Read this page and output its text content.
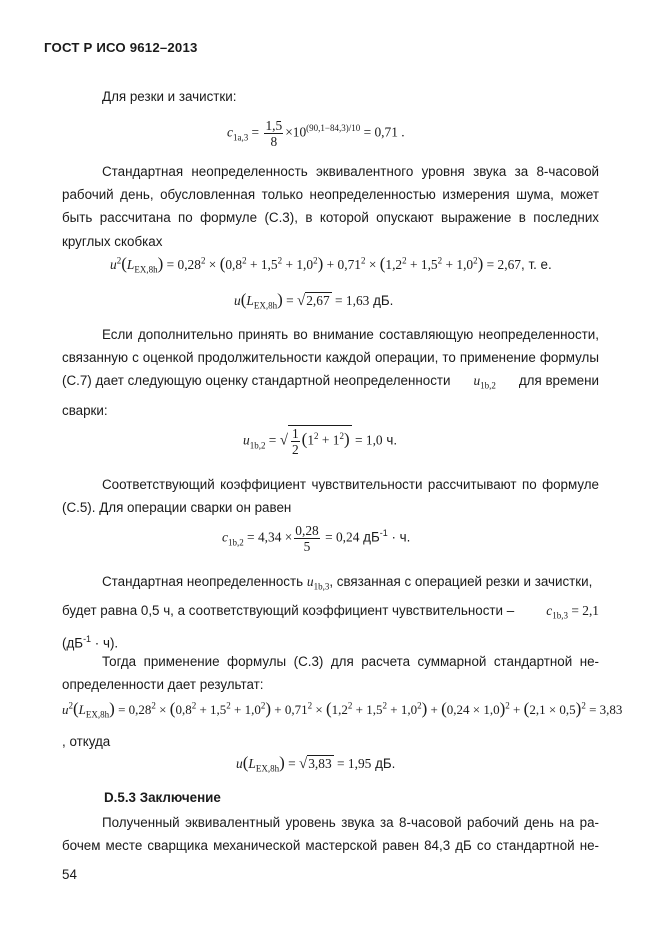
ГОСТ Р ИСО 9612–2013

Для резки и зачистки:

$c_{1a,3} = \frac{1,5}{8} \times 10^{(90,1-84,3)/10} = 0,71$ .

Стандартная неопределенность эквивалентного уровня звука за 8-часовой

рабочий день, обусловленная только неопределенностью измерения шума, может

быть рассчитана по формуле (С.3), в которой опускают выражение в последних

круглых скобках

$u^2(L_{EX,8h}) = 0,28^2 \times (0,8^2 + 1,5^2 + 1,0^2) + 0,71^2 \times (1,2^2 + 1,5^2 + 1,0^2) = 2,67$, т. е.
$u(L_{EX,8h}) = √2,67 = 1,63$ дБ.

Если дополнительно принять во внимание составляющую неопределенности,

связанную с оценкой продолжительности каждой операции, то применение формулы

(С.7) дает следующую оценку стандартной неопределенности $u_{1b,2}$ для времени

сварки:

$u_{1b,2}$ = √ $\frac{1}{2} (1^2 + 1^2) = 1,0$ ч.

Соответствующий коэффициент чувствительности рассчитывают по формуле

(С.5). Для операции сварки он равен

$c_{1b,2} = 4,34 \times \frac{0,28}{5} = 0,24$ $дБ^{-1} \cdot ч$.

Стандартная неопределенность $u_{1b,3}$, связанная с операцией резки и зачистки,

будет равна 0,5 ч, а соответствующий коэффициент чувствительности – $c_{1b,3} = 2,1$

$(дБ^{-1} \cdot ч)$.

Тогда применение формулы (С.3) для расчета суммарной стандартной не-

определенности дает результат:

$u^2(L_{EX,8h}) = 0,28^2 \times (0,8^2 + 1,5^2 + 1,0^2) + 0,71^2 \times (1,2^2 + 1,5^2 + 1,0^2) + (0,24 \times 1,0)^2 + (2,1 \times 0,5)^2 = 3,83$

, откуда

$u(L_{EX,8h}) = √3,83 = 1,95$ дБ.
D.5.3 Заключение

Полученный эквивалентный уровень звука за 8-часовой рабочий день на ра-

бочем месте сварщика механической мастерской равен 84,3 дБ со стандартной не-

54
